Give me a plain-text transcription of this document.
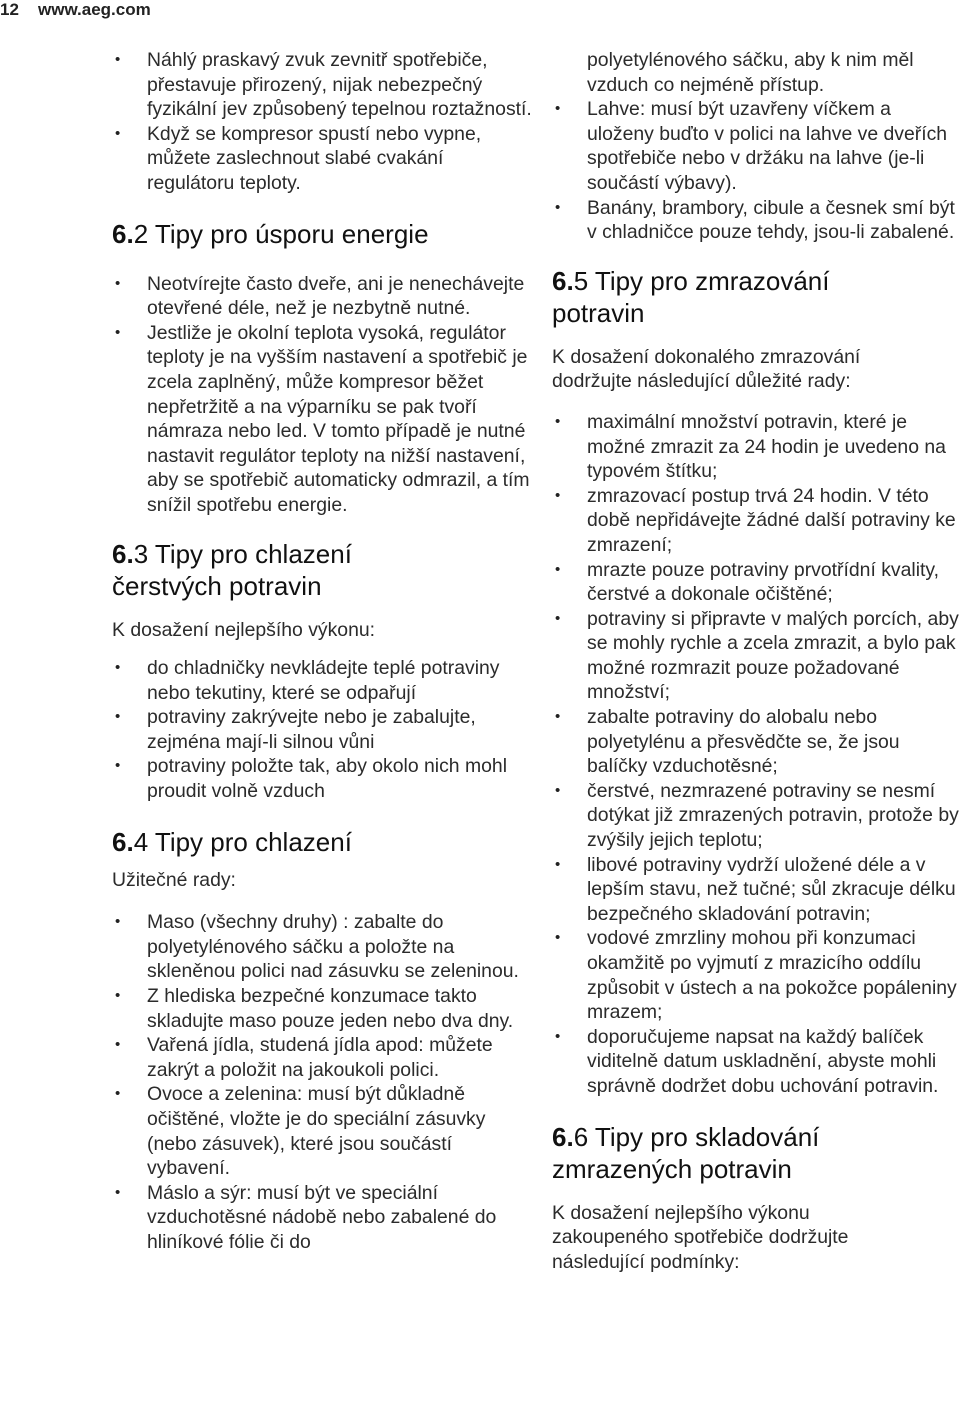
12 www.aeg.com
• Náhlý praskavý zvuk zevnitř spotřebiče, přestavuje přirozený, nijak nebezpečný fyzikální jev způsobený tepelnou roztažností.
• Když se kompresor spustí nebo vypne, můžete zaslechnout slabé cvakání regulátoru teploty.
6.2 Tipy pro úsporu energie
• Neotvírejte často dveře, ani je nenechávejte otevřené déle, než je nezbytně nutné.
• Jestliže je okolní teplota vysoká, regulátor teploty je na vyšším nastavení a spotřebič je zcela zaplněný, může kompresor běžet nepřetržitě a na výparníku se pak tvoří námraza nebo led. V tomto případě je nutné nastavit regulátor teploty na nižší nastavení, aby se spotřebič automaticky odmrazil, a tím snížil spotřebu energie.
6.3 Tipy pro chlazení čerstvých potravin

K dosažení nejlepšího výkonu:

• do chladničky nevkládejte teplé potraviny nebo tekutiny, které se odpařují
• potraviny zakrývejte nebo je zabalujte, zejména mají-li silnou vůni
• potraviny položte tak, aby okolo nich mohl proudit volně vzduch
6.4 Tipy pro chlazení

Užitečné rady:

• Maso (všechny druhy) : zabalte do polyetylénového sáčku a položte na skleněnou polici nad zásuvku se zeleninou.
• Z hlediska bezpečné konzumace takto skladujte maso pouze jeden nebo dva dny.
• Vařená jídla, studená jídla apod: můžete zakrýt a položit na jakoukoli polici.
• Ovoce a zelenina: musí být důkladně očištěné, vložte je do speciální zásuvky (nebo zásuvek), které jsou součástí vybavení.
• Máslo a sýr: musí být ve speciální vzduchotěsné nádobě nebo zabalené do hliníkové fólie či do

polyetylénového sáčku, aby k nim měl vzduch co nejméně přístup.

• Lahve: musí být uzavřeny víčkem a uloženy buďto v polici na lahve ve dveřích spotřebiče nebo v držáku na lahve (je-li součástí výbavy).
• Banány, brambory, cibule a česnek smí být v chladničce pouze tehdy, jsou-li zabalené.
6.5 Tipy pro zmrazování potravin

K dosažení dokonalého zmrazování dodržujte následující důležité rady:

• maximální množství potravin, které je možné zmrazit za 24 hodin je uvedeno na typovém štítku;
• zmrazovací postup trvá 24 hodin. V této době nepřidávejte žádné další potraviny ke zmrazení;
• mrazte pouze potraviny prvotřídní kvality, čerstvé a dokonale očištěné;
• potraviny si připravte v malých porcích, aby se mohly rychle a zcela zmrazit, a bylo pak možné rozmrazit pouze požadované množství;
• zabalte potraviny do alobalu nebo polyetylénu a přesvědčte se, že jsou balíčky vzduchotěsné;
• čerstvé, nezmrazené potraviny se nesmí dotýkat již zmrazených potravin, protože by zvýšily jejich teplotu;
• libové potraviny vydrží uložené déle a v lepším stavu, než tučné; sůl zkracuje délku bezpečného skladování potravin;
• vodové zmrzliny mohou při konzumaci okamžitě po vyjmutí z mrazicího oddílu způsobit v ústech a na pokožce popáleniny mrazem;
• doporučujeme napsat na každý balíček viditelně datum uskladnění, abyste mohli správně dodržet dobu uchování potravin.
6.6 Tipy pro skladování zmrazených potravin

K dosažení nejlepšího výkonu zakoupeného spotřebiče dodržujte následující podmínky:
